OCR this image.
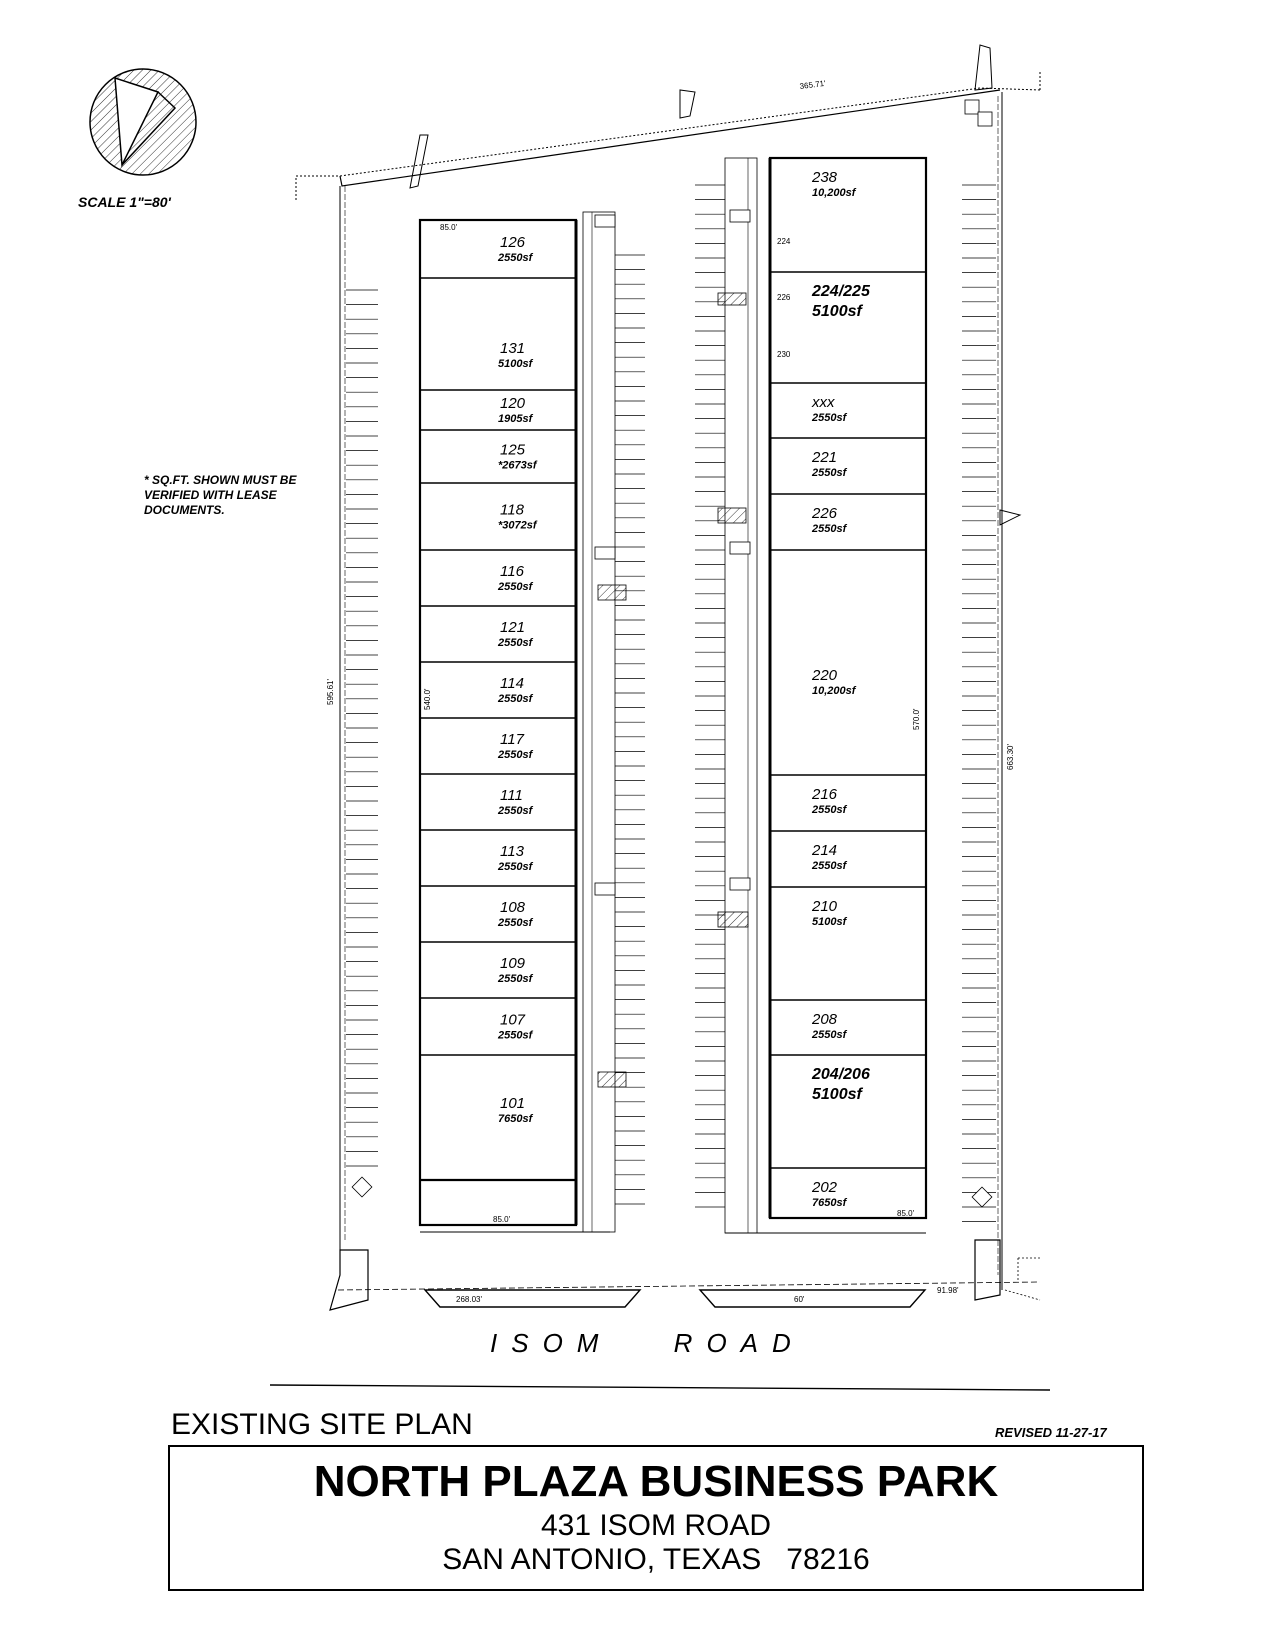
SCALE 1"=80'
126
2550sf
131
5100sf
120
1905sf
125
*2673sf
118
*3072sf
116
2550sf
121
2550sf
114
2550sf
117
2550sf
111
2550sf
113
2550sf
108
2550sf
109
2550sf
107
2550sf
101
7650sf
238
10,200sf
224/225
5100sf
xxx
2550sf
221
2550sf
226
2550sf
220
10,200sf
216
2550sf
214
2550sf
210
5100sf
208
2550sf
204/206
5100sf
202
7650sf
365.71'
595.61'
663.30'
268.03'	60'
91.98'
85.0'
85.0'
540.0'
570.0'
85.0'
224
226
230
* SQ.FT. SHOWN MUST BE
VERIFIED WITH LEASE
DOCUMENTS.
ISOM ROAD
EXISTING SITE PLAN	REVISED 11-27-17
NORTH PLAZA BUSINESS PARK
431 ISOM ROAD
SAN ANTONIO, TEXAS   78216
